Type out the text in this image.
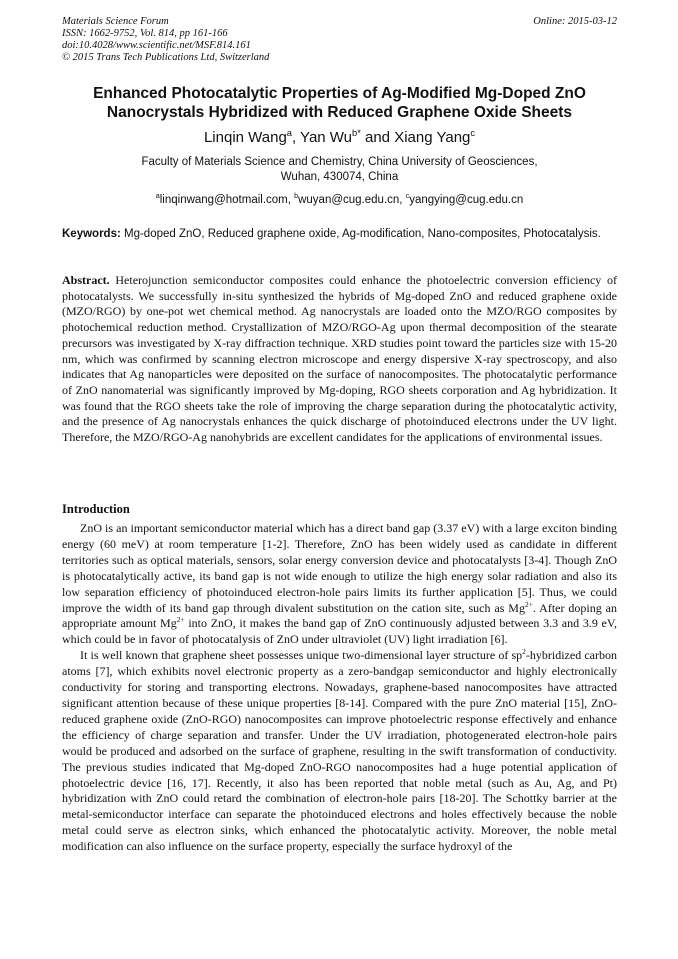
Materials Science Forum
ISSN: 1662-9752, Vol. 814, pp 161-166
doi:10.4028/www.scientific.net/MSF.814.161
© 2015 Trans Tech Publications Ltd, Switzerland
Online: 2015-03-12
Enhanced Photocatalytic Properties of Ag-Modified Mg-Doped ZnO
Nanocrystals Hybridized with Reduced Graphene Oxide Sheets
Linqin Wang$^a$, Yan $Wu^{b*}$ and Xiang Yang$^c$
Faculty of Materials Science and Chemistry, China University of Geosciences,
Wuhan, 430074, China
$^a$linqinwang@hotmail.com, $^b$wuyan@cug.edu.cn, $^c$yangying@cug.edu.cn
Keywords: Mg-doped ZnO, Reduced graphene oxide, Ag-modification, Nano-composites, Photocatalysis.
Abstract. Heterojunction semiconductor composites could enhance the photoelectric conversion efficiency of photocatalysts. We successfully in-situ synthesized the hybrids of Mg-doped ZnO and reduced graphene oxide (MZO/RGO) by one-pot wet chemical method. Ag nanocrystals are loaded onto the MZO/RGO composites by photochemical reduction method. Crystallization of MZO/RGO-Ag upon thermal decomposition of the stearate precursors was investigated by X-ray diffraction technique. XRD studies point toward the particles size with 15-20 nm, which was confirmed by scanning electron microscope and energy dispersive X-ray spectroscopy, and also indicates that Ag nanoparticles were deposited on the surface of nanocomposites. The photocatalytic performance of ZnO nanomaterial was significantly improved by Mg-doping, RGO sheets corporation and Ag hybridization. It was found that the RGO sheets take the role of improving the charge separation during the photocatalytic activity, and the presence of Ag nanocrystals enhances the quick discharge of photoinduced electrons under the UV light. Therefore, the MZO/RGO-Ag nanohybrids are excellent candidates for the applications of environmental issues.
Introduction

ZnO is an important semiconductor material which has a direct band gap (3.37 eV) with a large exciton binding energy (60 meV) at room temperature [1-2]. Therefore, ZnO has been widely used as candidate in different territories such as optical materials, sensors, solar energy conversion device and photocatalysts [3-4]. Though ZnO is photocatalytically active, its band gap is not wide enough to utilize the high energy solar radiation and also its low separation efficiency of photoinduced electron-hole pairs limits its further application [5]. Thus, we could improve the width of its band gap through divalent substitution on the cation site, such as $Mg^{2+}$. After doping an appropriate amount $Mg^{2+}$ into ZnO, it makes the band gap of ZnO continuously adjusted between 3.3 and 3.9 eV, which could be in favor of photocatalysis of ZnO under ultraviolet (UV) light irradiation [6].

It is well known that graphene sheet possesses unique two-dimensional layer structure of $sp^2$-hybridized carbon atoms [7], which exhibits novel electronic property as a zero-bandgap semiconductor and highly electronically conductivity for storing and transporting electrons. Nowadays, graphene-based nanocomposites have attracted significant attention because of these unique properties [8-14]. Compared with the pure ZnO material [15], ZnO-reduced graphene oxide (ZnO-RGO) nanocomposites can improve photoelectric response effectively and enhance the efficiency of charge separation and transfer. Under the UV irradiation, photogenerated electron-hole pairs would be produced and adsorbed on the surface of graphene, resulting in the swift transformation of conductivity. The previous studies indicated that Mg-doped ZnO-RGO nanocomposites had a huge potential application of photoelectric device [16, 17]. Recently, it also has been reported that noble metal (such as Au, Ag, and Pt) hybridization with ZnO could retard the combination of electron-hole pairs [18-20]. The Schottky barrier at the metal-semiconductor interface can separate the photoinduced electrons and holes effectively because the noble metal could serve as electron sinks, which enhanced the photocatalytic activity. Moreover, the noble metal modification can also influence on the surface property, especially the surface hydroxyl of the
